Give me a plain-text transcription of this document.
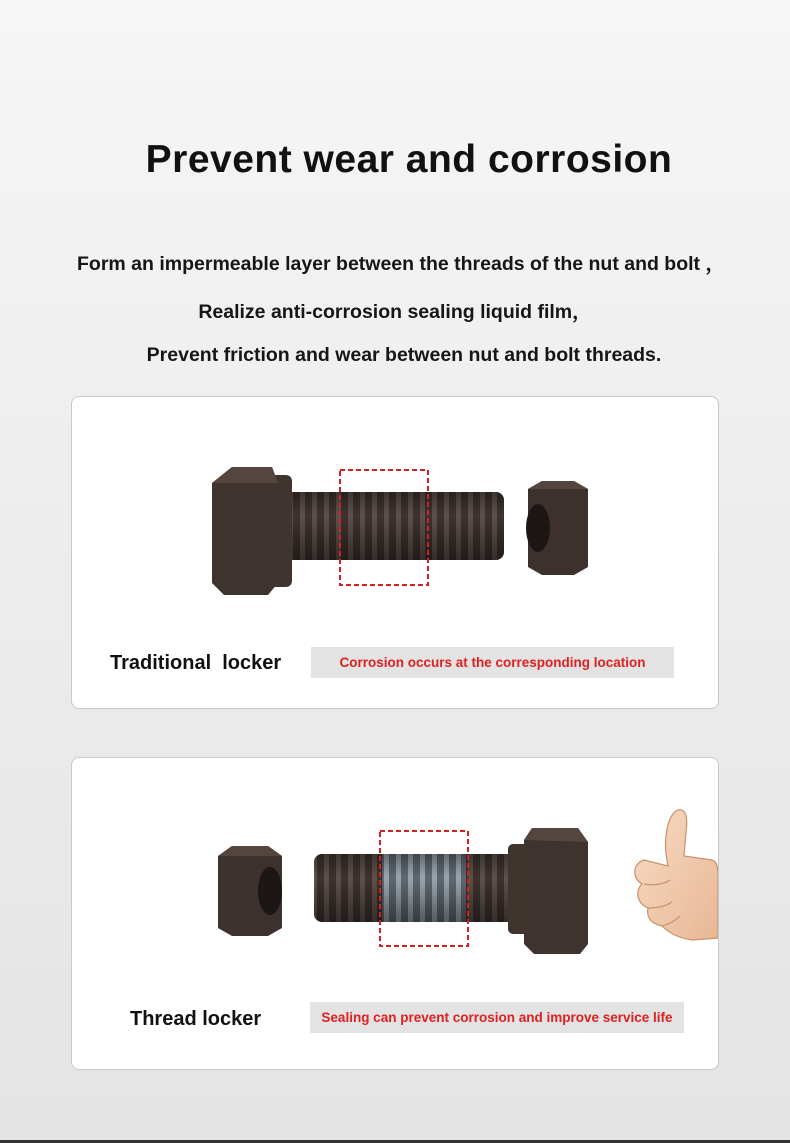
Prevent wear and corrosion
Form an impermeable layer between the threads of the nut and bolt ，
Realize anti-corrosion sealing liquid film，
Prevent friction and wear between nut and bolt threads.
Traditional  locker	Corrosion occurs at the corresponding location
Thread locker	Sealing can prevent corrosion and improve service life
